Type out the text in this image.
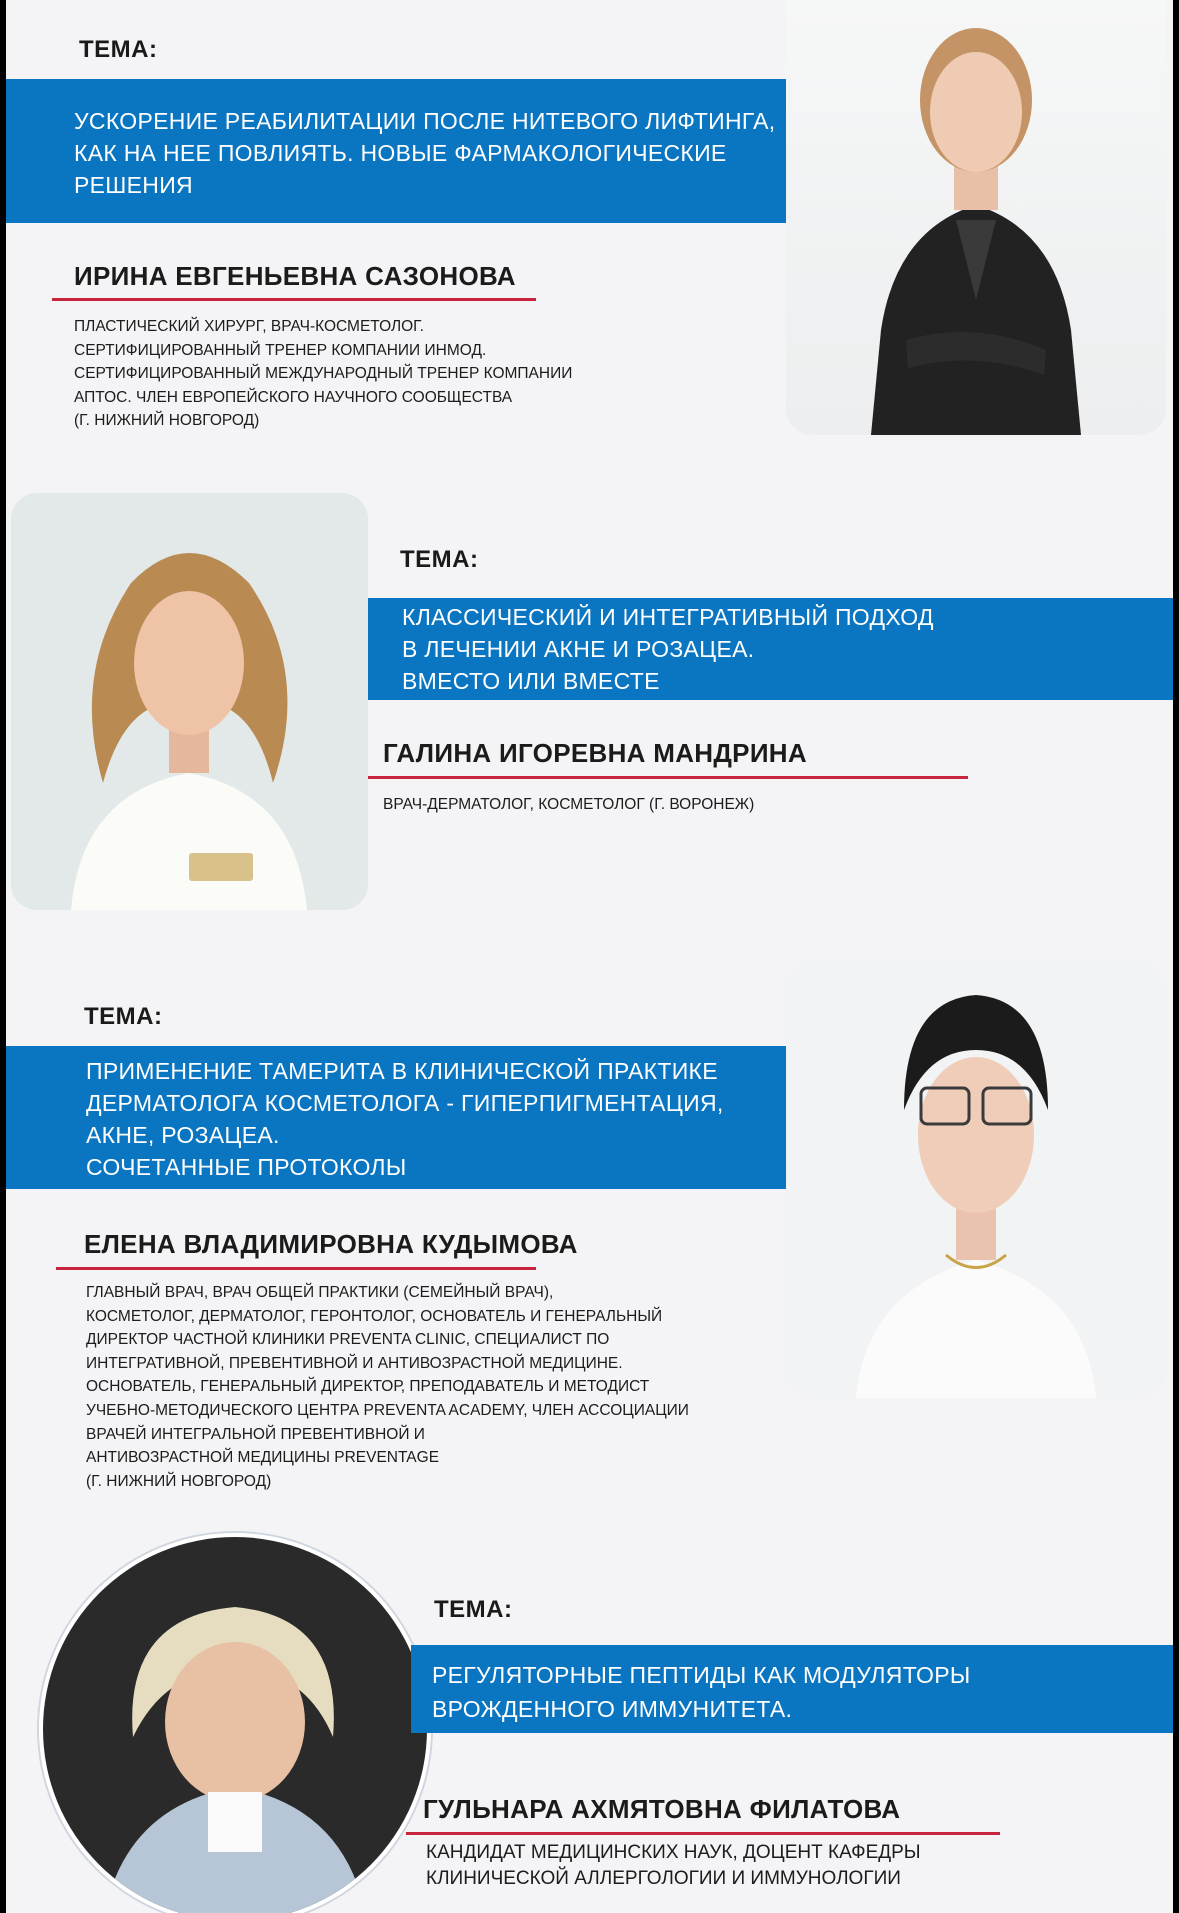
ТЕМА:
УСКОРЕНИЕ РЕАБИЛИТАЦИИ ПОСЛЕ НИТЕВОГО ЛИФТИНГА,
КАК НА НЕЕ ПОВЛИЯТЬ. НОВЫЕ ФАРМАКОЛОГИЧЕСКИЕ
РЕШЕНИЯ
ИРИНА ЕВГЕНЬЕВНА САЗОНОВА
ПЛАСТИЧЕСКИЙ ХИРУРГ, ВРАЧ-КОСМЕТОЛОГ.
СЕРТИФИЦИРОВАННЫЙ ТРЕНЕР КОМПАНИИ ИНМОД.
СЕРТИФИЦИРОВАННЫЙ МЕЖДУНАРОДНЫЙ ТРЕНЕР КОМПАНИИ
АПТОС. ЧЛЕН ЕВРОПЕЙСКОГО НАУЧНОГО СООБЩЕСТВА
(Г. НИЖНИЙ НОВГОРОД)
ТЕМА:
КЛАССИЧЕСКИЙ И ИНТЕГРАТИВНЫЙ ПОДХОД
В ЛЕЧЕНИИ АКНЕ И РОЗАЦЕА.
ВМЕСТО ИЛИ ВМЕСТЕ
ГАЛИНА ИГОРЕВНА МАНДРИНА
ВРАЧ-ДЕРМАТОЛОГ, КОСМЕТОЛОГ (Г. ВОРОНЕЖ)
ТЕМА:
ПРИМЕНЕНИЕ ТАМЕРИТА В КЛИНИЧЕСКОЙ ПРАКТИКЕ
ДЕРМАТОЛОГА КОСМЕТОЛОГА - ГИПЕРПИГМЕНТАЦИЯ,
АКНЕ, РОЗАЦЕА.
СОЧЕТАННЫЕ ПРОТОКОЛЫ
ЕЛЕНА ВЛАДИМИРОВНА КУДЫМОВА
ГЛАВНЫЙ ВРАЧ, ВРАЧ ОБЩЕЙ ПРАКТИКИ (СЕМЕЙНЫЙ ВРАЧ),
КОСМЕТОЛОГ, ДЕРМАТОЛОГ, ГЕРОНТОЛОГ, ОСНОВАТЕЛЬ И ГЕНЕРАЛЬНЫЙ
ДИРЕКТОР ЧАСТНОЙ КЛИНИКИ PREVENTA CLINIC, СПЕЦИАЛИСТ ПО
ИНТЕГРАТИВНОЙ, ПРЕВЕНТИВНОЙ И АНТИВОЗРАСТНОЙ МЕДИЦИНЕ.
ОСНОВАТЕЛЬ, ГЕНЕРАЛЬНЫЙ ДИРЕКТОР, ПРЕПОДАВАТЕЛЬ И МЕТОДИСТ
УЧЕБНО-МЕТОДИЧЕСКОГО ЦЕНТРА PREVENTA ACADEMY, ЧЛЕН АССОЦИАЦИИ
ВРАЧЕЙ ИНТЕГРАЛЬНОЙ ПРЕВЕНТИВНОЙ И
АНТИВОЗРАСТНОЙ МЕДИЦИНЫ PREVENTAGE
(Г. НИЖНИЙ НОВГОРОД)
ТЕМА:
РЕГУЛЯТОРНЫЕ ПЕПТИДЫ КАК МОДУЛЯТОРЫ
ВРОЖДЕННОГО ИММУНИТЕТА.
ГУЛЬНАРА АХМЯТОВНА ФИЛАТОВА
КАНДИДАТ МЕДИЦИНСКИХ НАУК, ДОЦЕНТ КАФЕДРЫ
КЛИНИЧЕСКОЙ АЛЛЕРГОЛОГИИ И ИММУНОЛОГИИ
